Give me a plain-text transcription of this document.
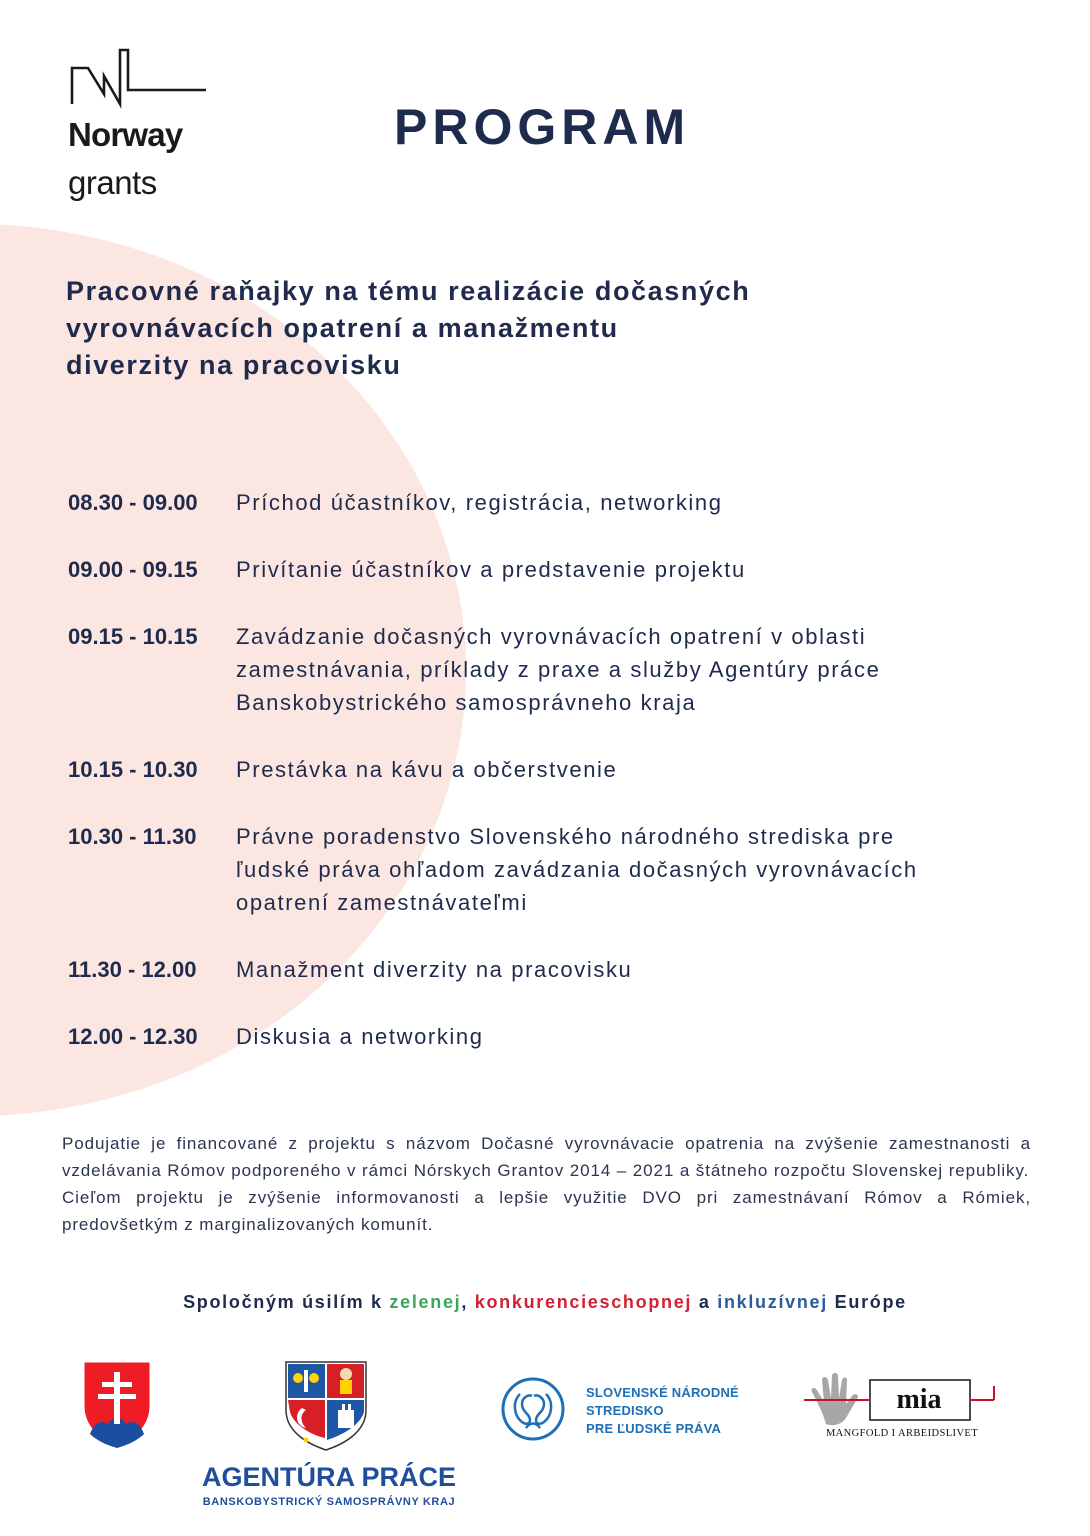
Norway
grants
PROGRAM
Pracovné raňajky na tému realizácie dočasných
vyrovnávacích opatrení a manažmentu
diverzity na pracovisku
08.30 - 09.00	Príchod účastníkov, registrácia, networking
09.00 - 09.15	Privítanie účastníkov a predstavenie projektu
09.15 - 10.15	Zavádzanie dočasných vyrovnávacích opatrení v oblasti
zamestnávania, príklady z praxe a služby Agentúry práce
Banskobystrického samosprávneho kraja
10.15 - 10.30	Prestávka na kávu a občerstvenie
10.30 - 11.30	Právne poradenstvo Slovenského národného strediska pre
ľudské práva ohľadom zavádzania dočasných vyrovnávacích
opatrení zamestnávateľmi
11.30 - 12.00	Manažment diverzity na pracovisku
12.00 - 12.30	Diskusia a networking

Podujatie je financované z projektu s názvom Dočasné vyrovnávacie opatrenia na zvýšenie zamestnanosti a vzdelávania Rómov podporeného v rámci Nórskych Grantov 2014 – 2021 a štátneho rozpočtu Slovenskej republiky.

Cieľom projektu je zvýšenie informovanosti a lepšie využitie DVO pri zamestnávaní Rómov a Rómiek, predovšetkým z marginalizovaných komunít.

Spoločným úsilím k zelenej, konkurencieschopnej a inkluzívnej Európe
AGENTÚRA PRÁCE
BANSKOBYSTRICKÝ SAMOSPRÁVNY KRAJ
SLOVENSKÉ NÁRODNÉ
STREDISKO
PRE ĽUDSKÉ PRÁVA
mia
MANGFOLD I ARBEIDSLIVET
